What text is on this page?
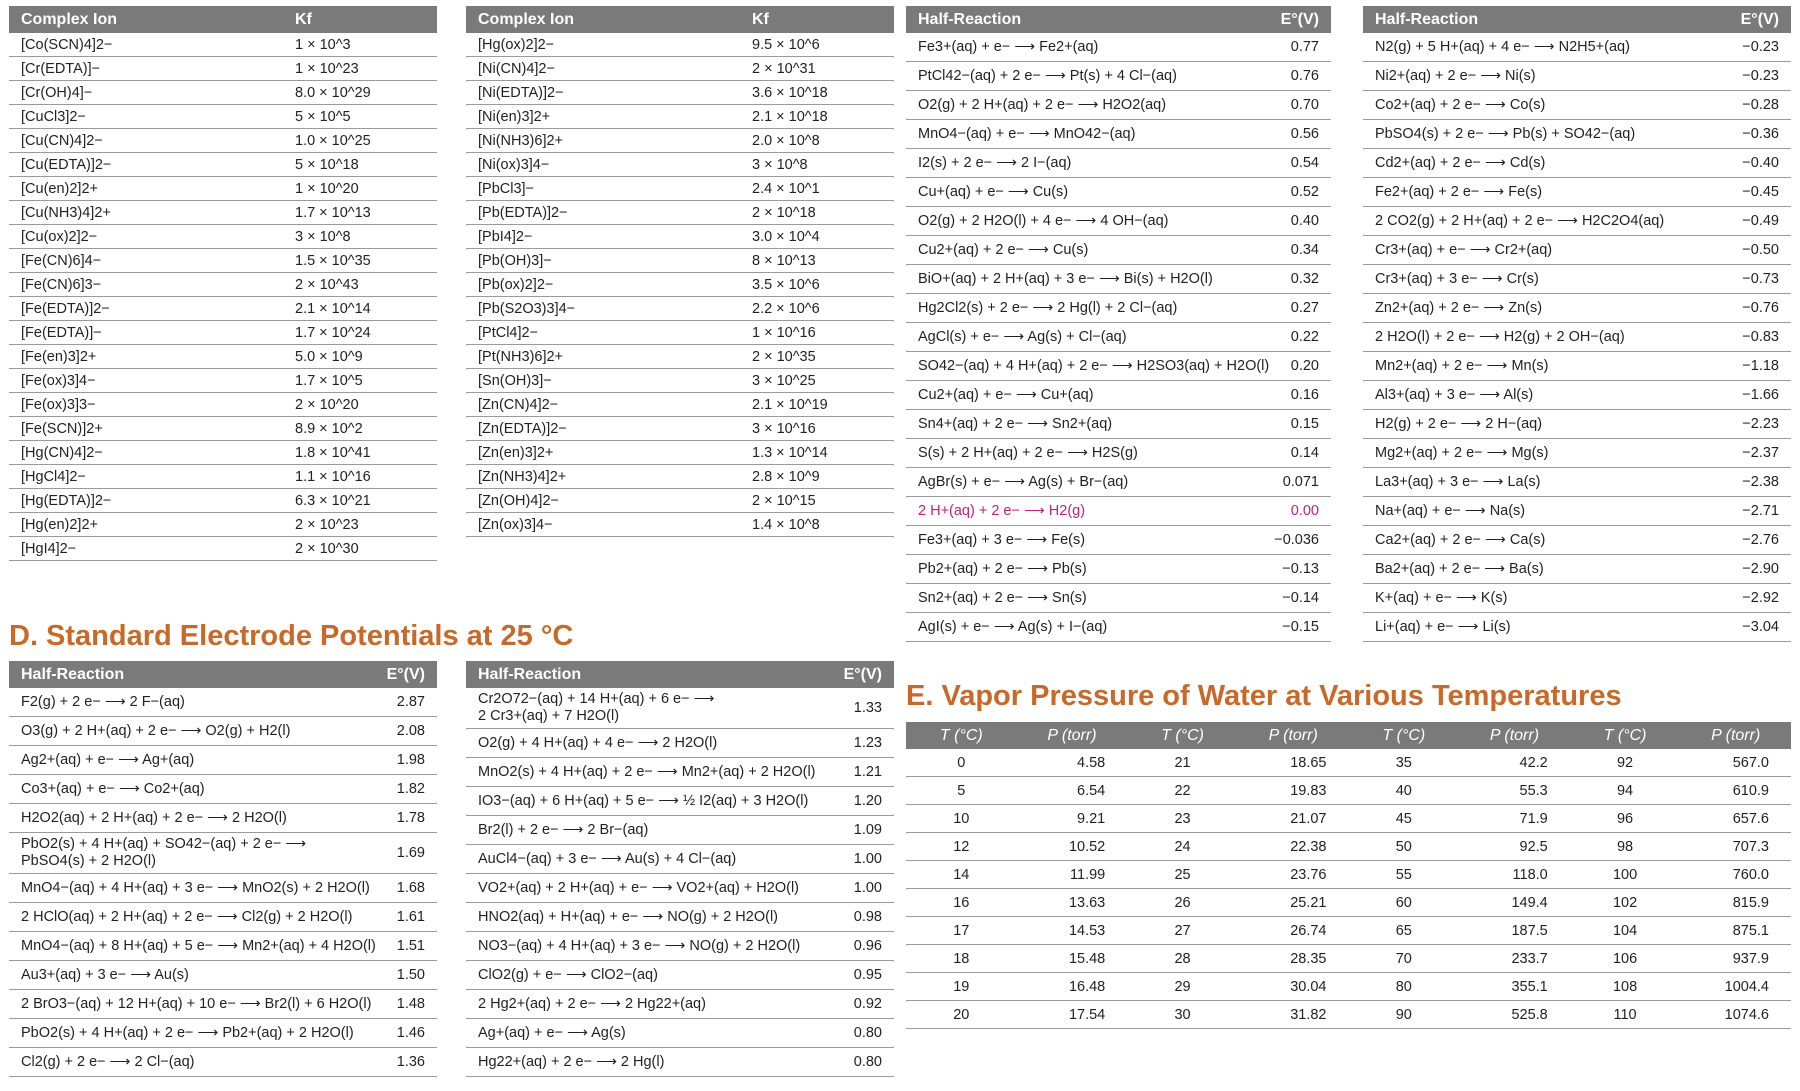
Complex Ion	Kf
[Co(SCN)4]2−	1 × 10^3
[Cr(EDTA)]−	1 × 10^23
[Cr(OH)4]−	8.0 × 10^29
[CuCl3]2−	5 × 10^5
[Cu(CN)4]2−	1.0 × 10^25
[Cu(EDTA)]2−	5 × 10^18
[Cu(en)2]2+	1 × 10^20
[Cu(NH3)4]2+	1.7 × 10^13
[Cu(ox)2]2−	3 × 10^8
[Fe(CN)6]4−	1.5 × 10^35
[Fe(CN)6]3−	2 × 10^43
[Fe(EDTA)]2−	2.1 × 10^14
[Fe(EDTA)]−	1.7 × 10^24
[Fe(en)3]2+	5.0 × 10^9
[Fe(ox)3]4−	1.7 × 10^5
[Fe(ox)3]3−	2 × 10^20
[Fe(SCN)]2+	8.9 × 10^2
[Hg(CN)4]2−	1.8 × 10^41
[HgCl4]2−	1.1 × 10^16
[Hg(EDTA)]2−	6.3 × 10^21
[Hg(en)2]2+	2 × 10^23
[HgI4]2−	2 × 10^30
Complex Ion	Kf
[Hg(ox)2]2−	9.5 × 10^6
[Ni(CN)4]2−	2 × 10^31
[Ni(EDTA)]2−	3.6 × 10^18
[Ni(en)3]2+	2.1 × 10^18
[Ni(NH3)6]2+	2.0 × 10^8
[Ni(ox)3]4−	3 × 10^8
[PbCl3]−	2.4 × 10^1
[Pb(EDTA)]2−	2 × 10^18
[PbI4]2−	3.0 × 10^4
[Pb(OH)3]−	8 × 10^13
[Pb(ox)2]2−	3.5 × 10^6
[Pb(S2O3)3]4−	2.2 × 10^6
[PtCl4]2−	1 × 10^16
[Pt(NH3)6]2+	2 × 10^35
[Sn(OH)3]−	3 × 10^25
[Zn(CN)4]2−	2.1 × 10^19
[Zn(EDTA)]2−	3 × 10^16
[Zn(en)3]2+	1.3 × 10^14
[Zn(NH3)4]2+	2.8 × 10^9
[Zn(OH)4]2−	2 × 10^15
[Zn(ox)3]4−	1.4 × 10^8
D. Standard Electrode Potentials at 25 °C
Half-Reaction	E°(V)
F2(g) + 2 e− ⟶ 2 F−(aq)	2.87
O3(g) + 2 H+(aq) + 2 e− ⟶ O2(g) + H2(l)	2.08
Ag2+(aq) + e− ⟶ Ag+(aq)	1.98
Co3+(aq) + e− ⟶ Co2+(aq)	1.82
H2O2(aq) + 2 H+(aq) + 2 e− ⟶ 2 H2O(l)	1.78
PbO2(s) + 4 H+(aq) + SO42−(aq) + 2 e− ⟶
PbSO4(s) + 2 H2O(l)	1.69
MnO4−(aq) + 4 H+(aq) + 3 e− ⟶ MnO2(s) + 2 H2O(l)	1.68
2 HClO(aq) + 2 H+(aq) + 2 e− ⟶ Cl2(g) + 2 H2O(l)	1.61
MnO4−(aq) + 8 H+(aq) + 5 e− ⟶ Mn2+(aq) + 4 H2O(l)	1.51
Au3+(aq) + 3 e− ⟶ Au(s)	1.50
2 BrO3−(aq) + 12 H+(aq) + 10 e− ⟶ Br2(l) + 6 H2O(l)	1.48
PbO2(s) + 4 H+(aq) + 2 e− ⟶ Pb2+(aq) + 2 H2O(l)	1.46
Cl2(g) + 2 e− ⟶ 2 Cl−(aq)	1.36
Half-Reaction	E°(V)
Cr2O72−(aq) + 14 H+(aq) + 6 e− ⟶
2 Cr3+(aq) + 7 H2O(l)	1.33
O2(g) + 4 H+(aq) + 4 e− ⟶ 2 H2O(l)	1.23
MnO2(s) + 4 H+(aq) + 2 e− ⟶ Mn2+(aq) + 2 H2O(l)	1.21
IO3−(aq) + 6 H+(aq) + 5 e− ⟶ ½ I2(aq) + 3 H2O(l)	1.20
Br2(l) + 2 e− ⟶ 2 Br−(aq)	1.09
AuCl4−(aq) + 3 e− ⟶ Au(s) + 4 Cl−(aq)	1.00
VO2+(aq) + 2 H+(aq) + e− ⟶ VO2+(aq) + H2O(l)	1.00
HNO2(aq) + H+(aq) + e− ⟶ NO(g) + 2 H2O(l)	0.98
NO3−(aq) + 4 H+(aq) + 3 e− ⟶ NO(g) + 2 H2O(l)	0.96
ClO2(g) + e− ⟶ ClO2−(aq)	0.95
2 Hg2+(aq) + 2 e− ⟶ 2 Hg22+(aq)	0.92
Ag+(aq) + e− ⟶ Ag(s)	0.80
Hg22+(aq) + 2 e− ⟶ 2 Hg(l)	0.80
Half-Reaction	E°(V)
Fe3+(aq) + e− ⟶ Fe2+(aq)	0.77
PtCl42−(aq) + 2 e− ⟶ Pt(s) + 4 Cl−(aq)	0.76
O2(g) + 2 H+(aq) + 2 e− ⟶ H2O2(aq)	0.70
MnO4−(aq) + e− ⟶ MnO42−(aq)	0.56
I2(s) + 2 e− ⟶ 2 I−(aq)	0.54
Cu+(aq) + e− ⟶ Cu(s)	0.52
O2(g) + 2 H2O(l) + 4 e− ⟶ 4 OH−(aq)	0.40
Cu2+(aq) + 2 e− ⟶ Cu(s)	0.34
BiO+(aq) + 2 H+(aq) + 3 e− ⟶ Bi(s) + H2O(l)	0.32
Hg2Cl2(s) + 2 e− ⟶ 2 Hg(l) + 2 Cl−(aq)	0.27
AgCl(s) + e− ⟶ Ag(s) + Cl−(aq)	0.22
SO42−(aq) + 4 H+(aq) + 2 e− ⟶ H2SO3(aq) + H2O(l)	0.20
Cu2+(aq) + e− ⟶ Cu+(aq)	0.16
Sn4+(aq) + 2 e− ⟶ Sn2+(aq)	0.15
S(s) + 2 H+(aq) + 2 e− ⟶ H2S(g)	0.14
AgBr(s) + e− ⟶ Ag(s) + Br−(aq)	0.071
2 H+(aq) + 2 e− ⟶ H2(g)	0.00
Fe3+(aq) + 3 e− ⟶ Fe(s)	−0.036
Pb2+(aq) + 2 e− ⟶ Pb(s)	−0.13
Sn2+(aq) + 2 e− ⟶ Sn(s)	−0.14
AgI(s) + e− ⟶ Ag(s) + I−(aq)	−0.15
Half-Reaction	E°(V)
N2(g) + 5 H+(aq) + 4 e− ⟶ N2H5+(aq)	−0.23
Ni2+(aq) + 2 e− ⟶ Ni(s)	−0.23
Co2+(aq) + 2 e− ⟶ Co(s)	−0.28
PbSO4(s) + 2 e− ⟶ Pb(s) + SO42−(aq)	−0.36
Cd2+(aq) + 2 e− ⟶ Cd(s)	−0.40
Fe2+(aq) + 2 e− ⟶ Fe(s)	−0.45
2 CO2(g) + 2 H+(aq) + 2 e− ⟶ H2C2O4(aq)	−0.49
Cr3+(aq) + e− ⟶ Cr2+(aq)	−0.50
Cr3+(aq) + 3 e− ⟶ Cr(s)	−0.73
Zn2+(aq) + 2 e− ⟶ Zn(s)	−0.76
2 H2O(l) + 2 e− ⟶ H2(g) + 2 OH−(aq)	−0.83
Mn2+(aq) + 2 e− ⟶ Mn(s)	−1.18
Al3+(aq) + 3 e− ⟶ Al(s)	−1.66
H2(g) + 2 e− ⟶ 2 H−(aq)	−2.23
Mg2+(aq) + 2 e− ⟶ Mg(s)	−2.37
La3+(aq) + 3 e− ⟶ La(s)	−2.38
Na+(aq) + e− ⟶ Na(s)	−2.71
Ca2+(aq) + 2 e− ⟶ Ca(s)	−2.76
Ba2+(aq) + 2 e− ⟶ Ba(s)	−2.90
K+(aq) + e− ⟶ K(s)	−2.92
Li+(aq) + e− ⟶ Li(s)	−3.04
E. Vapor Pressure of Water at Various Temperatures
T (°C)	P (torr)	T (°C)	P (torr)	T (°C)	P (torr)	T (°C)	P (torr)
0	4.58	21	18.65	35	42.2	92	567.0
5	6.54	22	19.83	40	55.3	94	610.9
10	9.21	23	21.07	45	71.9	96	657.6
12	10.52	24	22.38	50	92.5	98	707.3
14	11.99	25	23.76	55	118.0	100	760.0
16	13.63	26	25.21	60	149.4	102	815.9
17	14.53	27	26.74	65	187.5	104	875.1
18	15.48	28	28.35	70	233.7	106	937.9
19	16.48	29	30.04	80	355.1	108	1004.4
20	17.54	30	31.82	90	525.8	110	1074.6
